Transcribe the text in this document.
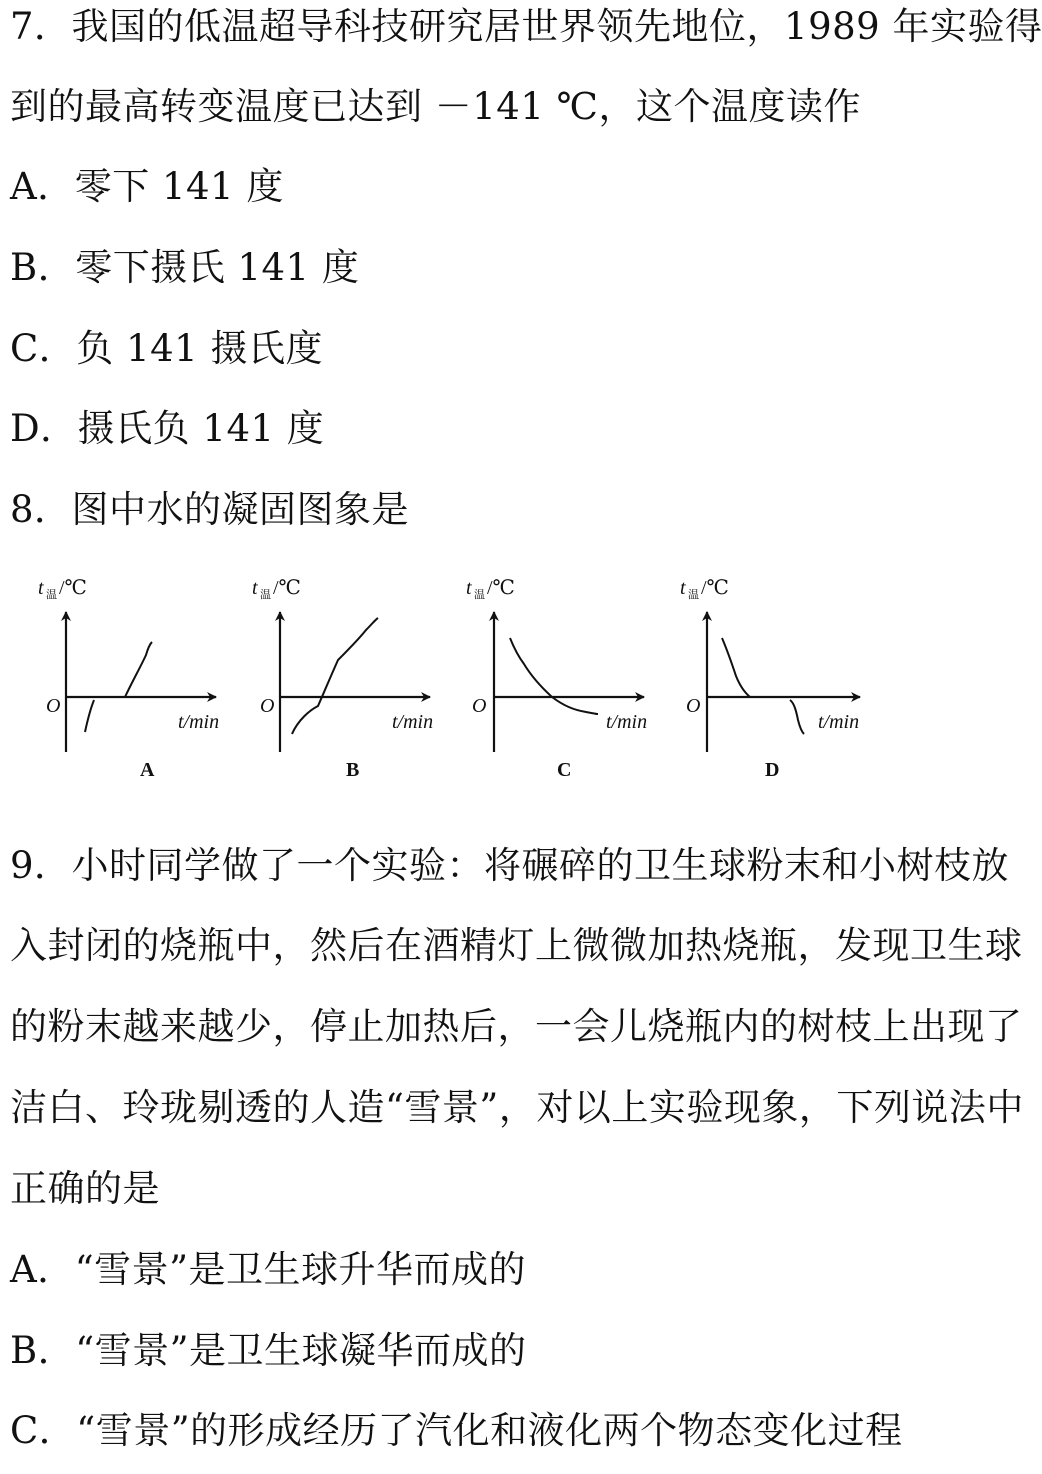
7．我国的低温超导科技研究居世界领先地位，1989 年实验得
到的最高转变温度已达到 －141 ℃，这个温度读作
A．零下 141 度
B．零下摄氏 141 度
C．负 141 摄氏度
D．摄氏负 141 度
8．图中水的凝固图象是
t 温 /℃
O
t/min
A
t 温 /℃
O
t/min
B
t 温 /℃
O
t/min
C
t 温 /℃
O
t/min
D
9．小时同学做了一个实验：将碾碎的卫生球粉末和小树枝放
入封闭的烧瓶中，然后在酒精灯上微微加热烧瓶，发现卫生球
的粉末越来越少，停止加热后，一会儿烧瓶内的树枝上出现了
洁白、玲珑剔透的人造“雪景”，对以上实验现象，下列说法中
正确的是
A．“雪景”是卫生球升华而成的
B．“雪景”是卫生球凝华而成的
C．“雪景”的形成经历了汽化和液化两个物态变化过程
